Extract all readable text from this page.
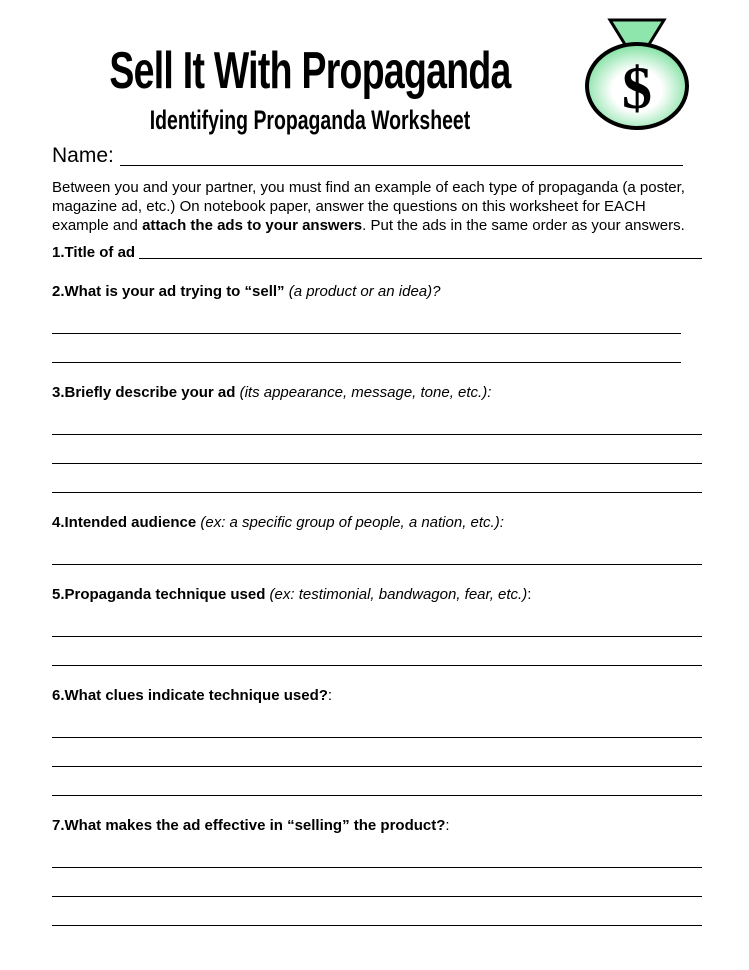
Sell It With Propaganda
Identifying Propaganda Worksheet	$
Name:

Between you and your partner, you must find an example of each type of propaganda (a poster, magazine ad, etc.) On notebook paper, answer the questions on this worksheet for EACH example and attach the ads to your answers. Put the ads in the same order as your answers.

1.Title of ad
2.What is your ad trying to “sell” (a product or an idea)?
3.Briefly describe your ad (its appearance, message, tone, etc.):
4.Intended audience (ex: a specific group of people, a nation, etc.):
5.Propaganda technique used (ex: testimonial, bandwagon, fear, etc.):
6.What clues indicate technique used?:
7.What makes the ad effective in “selling” the product?:
